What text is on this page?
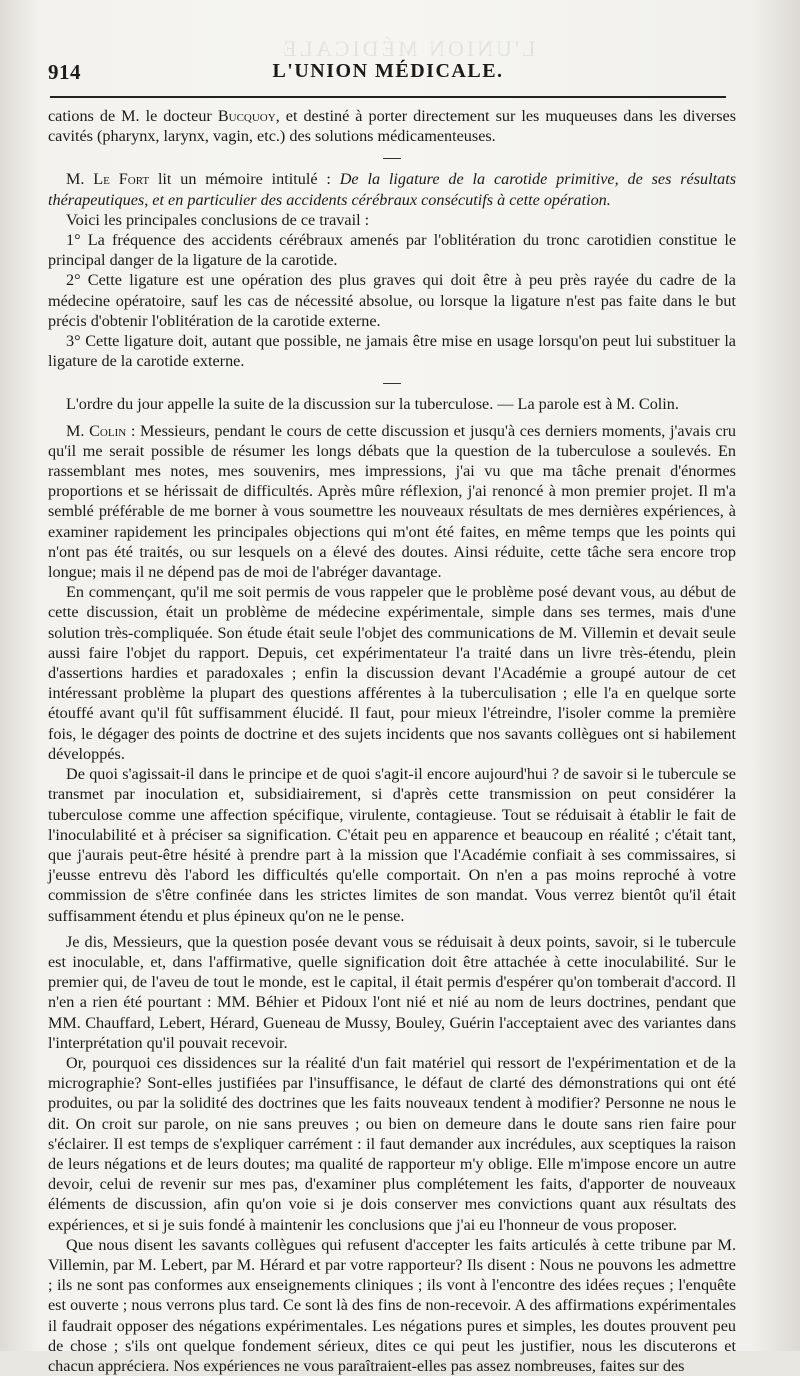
L'UNION MÉDICALE
914	L'UNION MÉDICALE.

cations de M. le docteur Bucquoy, et destiné à porter directement sur les muqueuses dans les diverses cavités (pharynx, larynx, vagin, etc.) des solutions médicamenteuses.

M. Le Fort lit un mémoire intitulé : De la ligature de la carotide primitive, de ses résultats thérapeutiques, et en particulier des accidents cérébraux consécutifs à cette opération.

Voici les principales conclusions de ce travail :

1° La fréquence des accidents cérébraux amenés par l'oblitération du tronc carotidien constitue le principal danger de la ligature de la carotide.

2° Cette ligature est une opération des plus graves qui doit être à peu près rayée du cadre de la médecine opératoire, sauf les cas de nécessité absolue, ou lorsque la ligature n'est pas faite dans le but précis d'obtenir l'oblitération de la carotide externe.

3° Cette ligature doit, autant que possible, ne jamais être mise en usage lorsqu'on peut lui substituer la ligature de la carotide externe.

L'ordre du jour appelle la suite de la discussion sur la tuberculose. — La parole est à M. Colin.

M. Colin : Messieurs, pendant le cours de cette discussion et jusqu'à ces derniers moments, j'avais cru qu'il me serait possible de résumer les longs débats que la question de la tuberculose a soulevés. En rassemblant mes notes, mes souvenirs, mes impressions, j'ai vu que ma tâche prenait d'énormes proportions et se hérissait de difficultés. Après mûre réflexion, j'ai renoncé à mon premier projet. Il m'a semblé préférable de me borner à vous soumettre les nouveaux résultats de mes dernières expériences, à examiner rapidement les principales objections qui m'ont été faites, en même temps que les points qui n'ont pas été traités, ou sur lesquels on a élevé des doutes. Ainsi réduite, cette tâche sera encore trop longue; mais il ne dépend pas de moi de l'abréger davantage.

En commençant, qu'il me soit permis de vous rappeler que le problème posé devant vous, au début de cette discussion, était un problème de médecine expérimentale, simple dans ses termes, mais d'une solution très-compliquée. Son étude était seule l'objet des communications de M. Villemin et devait seule aussi faire l'objet du rapport. Depuis, cet expérimentateur l'a traité dans un livre très-étendu, plein d'assertions hardies et paradoxales ; enfin la discussion devant l'Académie a groupé autour de cet intéressant problème la plupart des questions afférentes à la tuberculisation ; elle l'a en quelque sorte étouffé avant qu'il fût suffisamment élucidé. Il faut, pour mieux l'étreindre, l'isoler comme la première fois, le dégager des points de doctrine et des sujets incidents que nos savants collègues ont si habilement développés.

De quoi s'agissait-il dans le principe et de quoi s'agit-il encore aujourd'hui ? de savoir si le tubercule se transmet par inoculation et, subsidiairement, si d'après cette transmission on peut considérer la tuberculose comme une affection spécifique, virulente, contagieuse. Tout se réduisait à établir le fait de l'inoculabilité et à préciser sa signification. C'était peu en apparence et beaucoup en réalité ; c'était tant, que j'aurais peut-être hésité à prendre part à la mission que l'Académie confiait à ses commissaires, si j'eusse entrevu dès l'abord les difficultés qu'elle comportait. On n'en a pas moins reproché à votre commission de s'être confinée dans les strictes limites de son mandat. Vous verrez bientôt qu'il était suffisamment étendu et plus épineux qu'on ne le pense.

Je dis, Messieurs, que la question posée devant vous se réduisait à deux points, savoir, si le tubercule est inoculable, et, dans l'affirmative, quelle signification doit être attachée à cette inoculabilité. Sur le premier qui, de l'aveu de tout le monde, est le capital, il était permis d'espérer qu'on tomberait d'accord. Il n'en a rien été pourtant : MM. Béhier et Pidoux l'ont nié et nié au nom de leurs doctrines, pendant que MM. Chauffard, Lebert, Hérard, Gueneau de Mussy, Bouley, Guérin l'acceptaient avec des variantes dans l'interprétation qu'il pouvait recevoir.

Or, pourquoi ces dissidences sur la réalité d'un fait matériel qui ressort de l'expérimentation et de la micrographie? Sont-elles justifiées par l'insuffisance, le défaut de clarté des démonstrations qui ont été produites, ou par la solidité des doctrines que les faits nouveaux tendent à modifier? Personne ne nous le dit. On croit sur parole, on nie sans preuves ; ou bien on demeure dans le doute sans rien faire pour s'éclairer. Il est temps de s'expliquer carrément : il faut demander aux incrédules, aux sceptiques la raison de leurs négations et de leurs doutes; ma qualité de rapporteur m'y oblige. Elle m'impose encore un autre devoir, celui de revenir sur mes pas, d'examiner plus complétement les faits, d'apporter de nouveaux éléments de discussion, afin qu'on voie si je dois conserver mes convictions quant aux résultats des expériences, et si je suis fondé à maintenir les conclusions que j'ai eu l'honneur de vous proposer.

Que nous disent les savants collègues qui refusent d'accepter les faits articulés à cette tribune par M. Villemin, par M. Lebert, par M. Hérard et par votre rapporteur? Ils disent : Nous ne pouvons les admettre ; ils ne sont pas conformes aux enseignements cliniques ; ils vont à l'encontre des idées reçues ; l'enquête est ouverte ; nous verrons plus tard. Ce sont là des fins de non-recevoir. A des affirmations expérimentales il faudrait opposer des négations expérimentales. Les négations pures et simples, les doutes prouvent peu de chose ; s'ils ont quelque fondement sérieux, dites ce qui peut les justifier, nous les discuterons et chacun appréciera. Nos expériences ne vous paraîtraient-elles pas assez nombreuses, faites sur des
